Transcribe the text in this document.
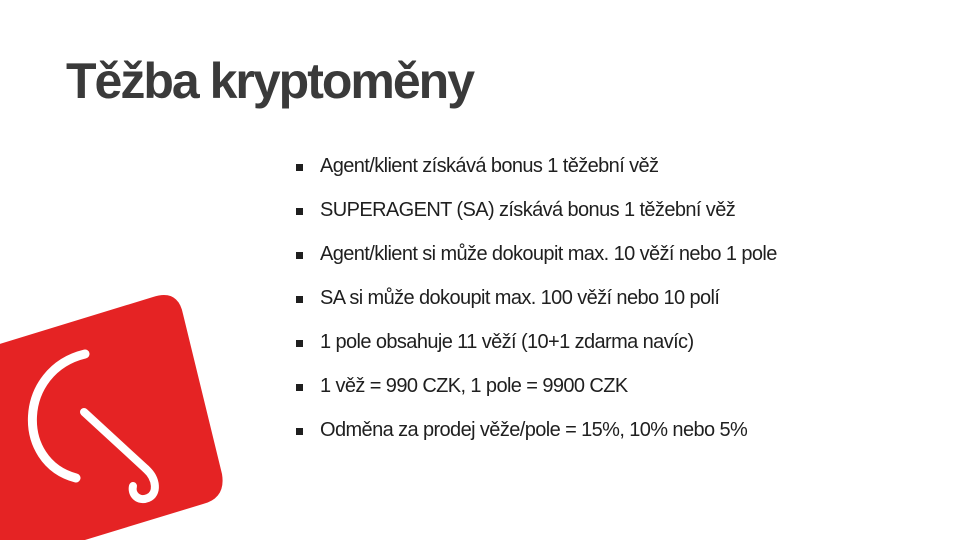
Těžba kryptoměny
Agent/klient získává bonus 1 těžební věž
SUPERAGENT (SA) získává bonus 1 těžební věž
Agent/klient si může dokoupit max. 10 věží nebo 1 pole
SA si může dokoupit max. 100 věží nebo 10 polí
1 pole obsahuje 11 věží (10+1 zdarma navíc)
1 věž = 990 CZK, 1 pole = 9900 CZK
Odměna za prodej věže/pole = 15%, 10% nebo 5%
